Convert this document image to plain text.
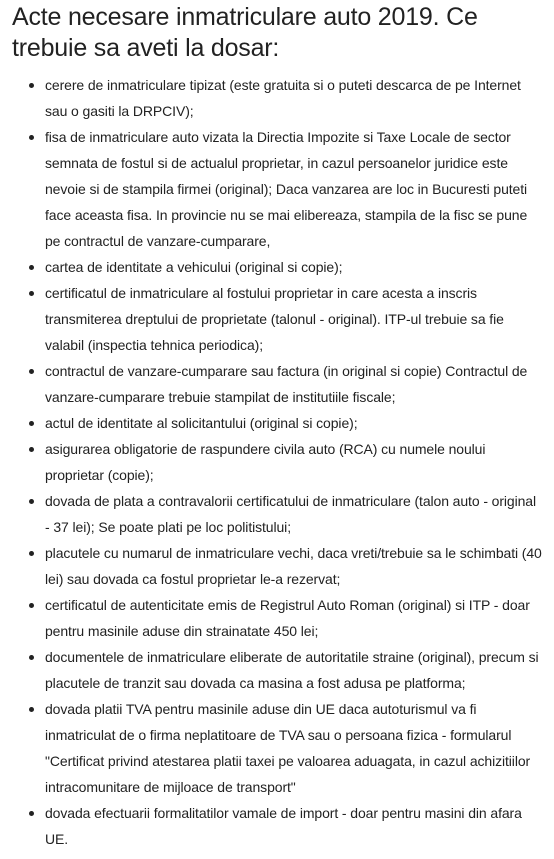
Acte necesare inmatriculare auto 2019. Ce trebuie sa aveti la dosar:
cerere de inmatriculare tipizat (este gratuita si o puteti descarca de pe Internet sau o gasiti la DRPCIV);
fisa de inmatriculare auto vizata la Directia Impozite si Taxe Locale de sector semnata de fostul si de actualul proprietar, in cazul persoanelor juridice este nevoie si de stampila firmei (original); Daca vanzarea are loc in Bucuresti puteti face aceasta fisa. In provincie nu se mai elibereaza, stampila de la fisc se pune pe contractul de vanzare-cumparare,
cartea de identitate a vehicului (original si copie);
certificatul de inmatriculare al fostului proprietar in care acesta a inscris transmiterea dreptului de proprietate (talonul - original). ITP-ul trebuie sa fie valabil (inspectia tehnica periodica);
contractul de vanzare-cumparare sau factura (in original si copie) Contractul de vanzare-cumparare trebuie stampilat de institutiile fiscale;
actul de identitate al solicitantului (original si copie);
asigurarea obligatorie de raspundere civila auto (RCA) cu numele noului proprietar (copie);
dovada de plata a contravalorii certificatului de inmatriculare (talon auto - original - 37 lei); Se poate plati pe loc politistului;
placutele cu numarul de inmatriculare vechi, daca vreti/trebuie sa le schimbati (40 lei) sau dovada ca fostul proprietar le-a rezervat;
certificatul de autenticitate emis de Registrul Auto Roman (original) si ITP - doar pentru masinile aduse din strainatate 450 lei;
documentele de inmatriculare eliberate de autoritatile straine (original), precum si placutele de tranzit sau dovada ca masina a fost adusa pe platforma;
dovada platii TVA pentru masinile aduse din UE daca autoturismul va fi inmatriculat de o firma neplatitoare de TVA sau o persoana fizica - formularul "Certificat privind atestarea platii taxei pe valoarea aduagata, in cazul achizitiilor intracomunitare de mijloace de transport"
dovada efectuarii formalitatilor vamale de import - doar pentru masini din afara UE.
